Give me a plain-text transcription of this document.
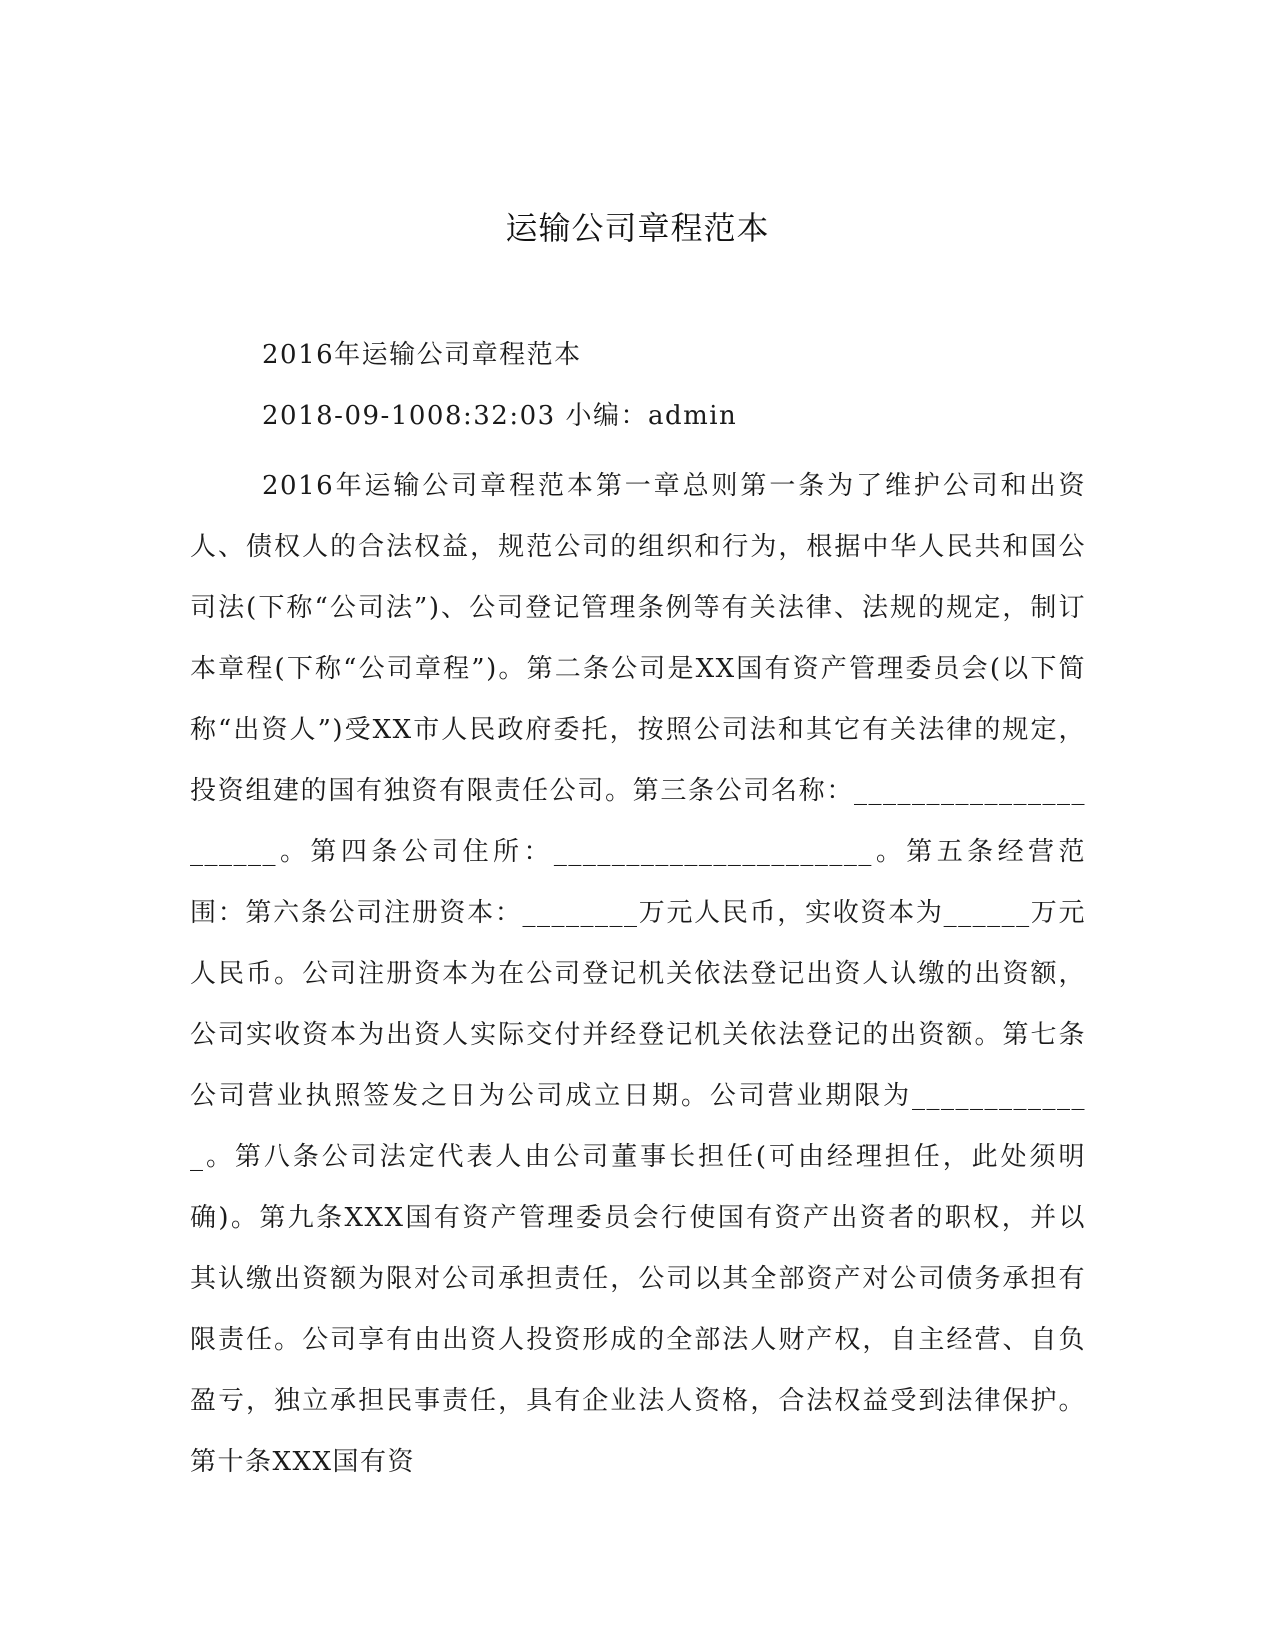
运输公司章程范本
2016年运输公司章程范本
2018-09-1008:32:03 小编：admin
2016年运输公司章程范本第一章总则第一条为了维护公司和出资人、债权人的合法权益，规范公司的组织和行为，根据中华人民共和国公司法(下称“公司法”)、公司登记管理条例等有关法律、法规的规定，制订本章程(下称“公司章程”)。第二条公司是XX国有资产管理委员会(以下简称“出资人”)受XX市人民政府委托，按照公司法和其它有关法律的规定，投资组建的国有独资有限责任公司。第三条公司名称：______________________。第四条公司住所：______________________。第五条经营范围：第六条公司注册资本：________万元人民币，实收资本为______万元人民币。公司注册资本为在公司登记机关依法登记出资人认缴的出资额，公司实收资本为出资人实际交付并经登记机关依法登记的出资额。第七条公司营业执照签发之日为公司成立日期。公司营业期限为_____________。第八条公司法定代表人由公司董事长担任(可由经理担任，此处须明确)。第九条XXX国有资产管理委员会行使国有资产出资者的职权，并以其认缴出资额为限对公司承担责任，公司以其全部资产对公司债务承担有限责任。公司享有由出资人投资形成的全部法人财产权，自主经营、自负盈亏，独立承担民事责任，具有企业法人资格，合法权益受到法律保护。第十条XXX国有资
